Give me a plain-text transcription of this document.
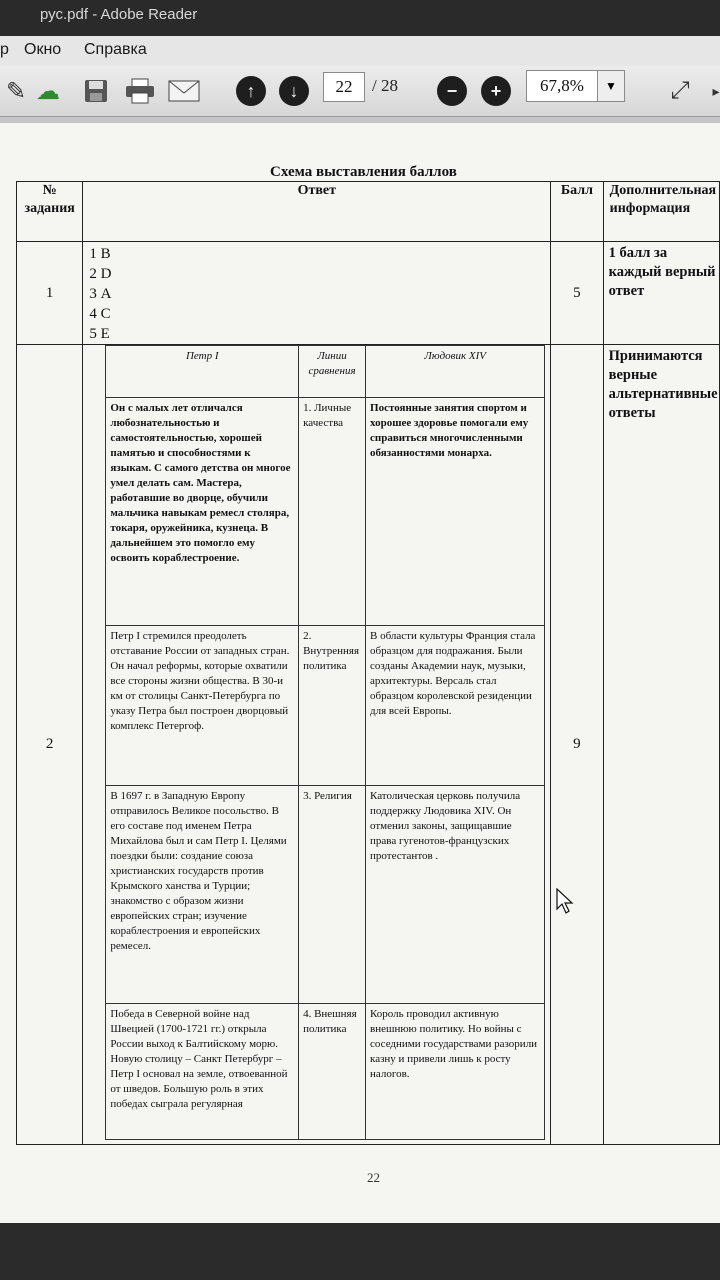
рус.pdf - Adobe Reader
р Окно Справка
✎ ☁	↑	↓	−	+	⤢	▸
22	/ 28	67,8%	▼
Схема выставления баллов
№ задания	Ответ	Балл	Дополнительная информация
1	
1 В
2 D
3 А
4 С
5 Е
	5	1 балл за каждый верный ответ
2	
Петр I	Линии сравнения	Людовик XIV
Он с малых лет отличался любознательностью и самостоятельностью, хорошей памятью и способностями к языкам. С самого детства он многое умел делать сам. Мастера, работавшие во дворце, обучили мальчика навыкам ремесл столяра, токаря, оружейника, кузнеца. В дальнейшем это помогло ему освоить кораблестроение.	1. Личные качества	Постоянные занятия спортом и хорошее здоровье помогали ему справиться многочисленными обязанностями монарха.
Петр I стремился преодолеть отставание России от западных стран. Он начал реформы, которые охватили все стороны жизни общества. В 30-и км от столицы Санкт-Петербурга по указу Петра был построен дворцовый комплекс Петергоф.	2. Внутренняя политика	В области культуры Франция стала образцом для подражания. Были созданы Академии наук, музыки, архитектуры. Версаль стал образцом королевской резиденции для всей Европы.
В 1697 г. в Западную Европу отправилось Великое посольство. В его составе под именем Петра Михайлова был и сам Петр I. Целями поездки были: создание союза христианских государств против Крымского ханства и Турции; знакомство с образом жизни европейских стран; изучение кораблестроения и европейских ремесел.	3. Религия	Католическая церковь получила поддержку Людовика XIV. Он отменил законы, защищавшие права гугенотов-французских протестантов .
Победа в Северной войне над Швецией (1700-1721 гг.) открыла России выход к Балтийскому морю. Новую столицу – Санкт Петербург – Петр I основал на земле, отвоеванной от шведов. Большую роль в этих победах сыграла регулярная	4. Внешняя политика	Король проводил активную внешнюю политику. Но войны с соседними государствами разорили казну и привели лишь к росту налогов.
	9	Принимаются верные альтернативные ответы
22
